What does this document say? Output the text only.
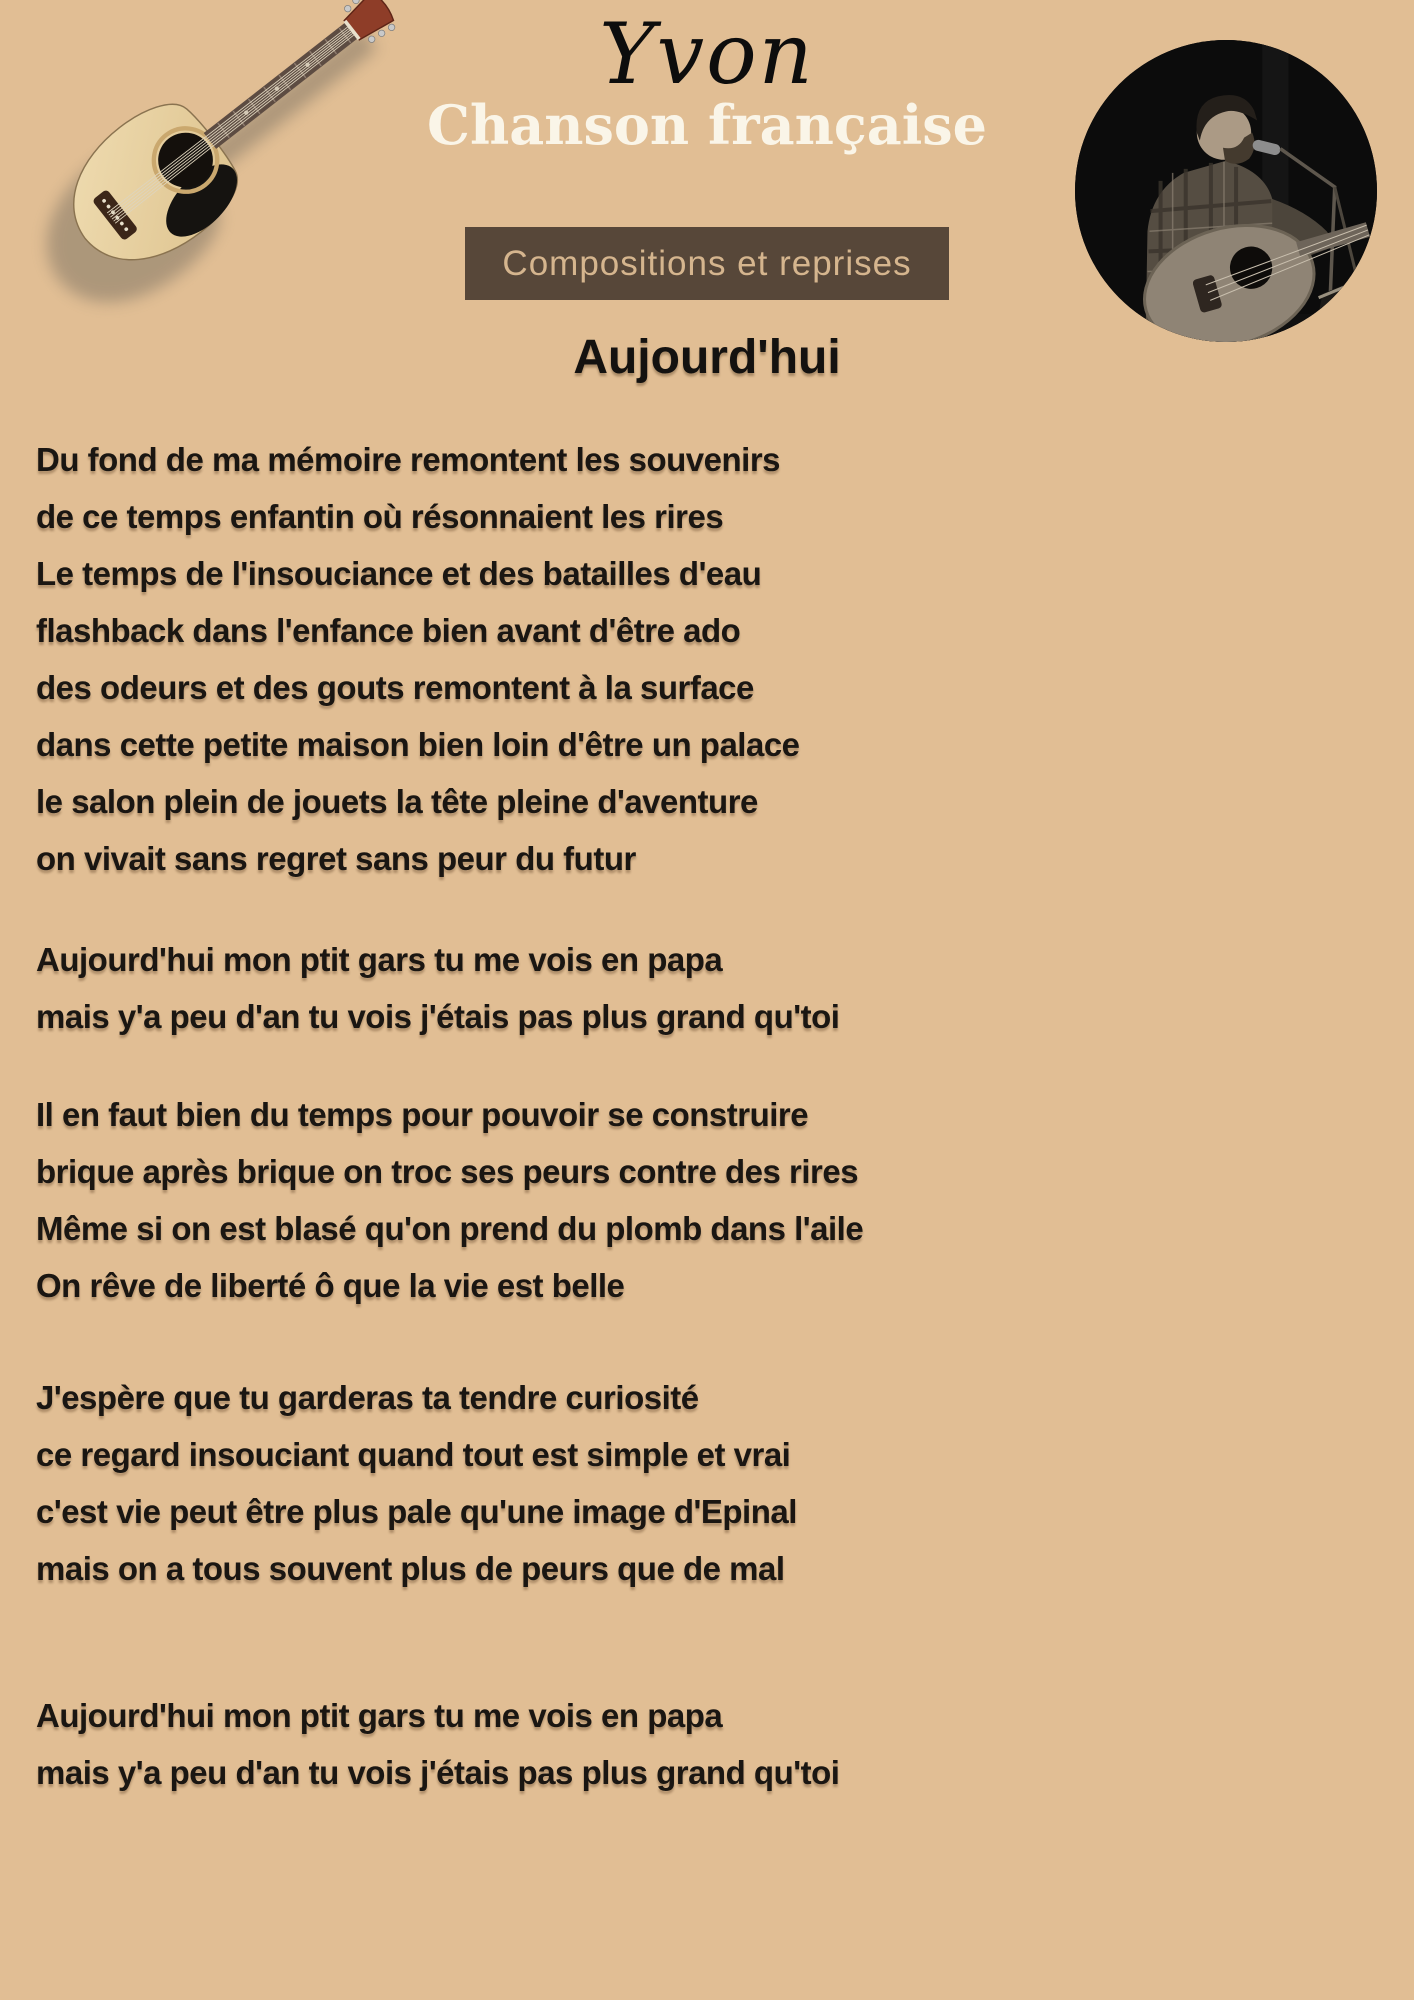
Yvon
Chanson française
Compositions et reprises
Aujourd'hui
Du fond de ma mémoire remontent les souvenirs
de ce temps enfantin où résonnaient les rires
Le temps de l'insouciance et des batailles d'eau
flashback dans l'enfance bien avant d'être ado
des odeurs et des gouts remontent à la surface
dans cette petite maison bien loin d'être un palace
le salon plein de jouets la tête pleine d'aventure
on vivait sans regret sans peur du futur
Aujourd'hui mon ptit gars tu me vois en papa
mais y'a peu d'an tu vois j'étais pas plus grand qu'toi
Il en faut bien du temps pour pouvoir se construire
brique après brique on troc ses peurs contre des rires
Même si on est blasé qu'on prend du plomb dans l'aile
On rêve de liberté ô que la vie est belle
J'espère que tu garderas ta tendre curiosité
ce regard insouciant quand tout est simple et vrai
c'est vie peut être plus pale qu'une image d'Epinal
mais on a tous souvent plus de peurs que de mal
Aujourd'hui mon ptit gars tu me vois en papa
mais y'a peu d'an tu vois j'étais pas plus grand qu'toi
